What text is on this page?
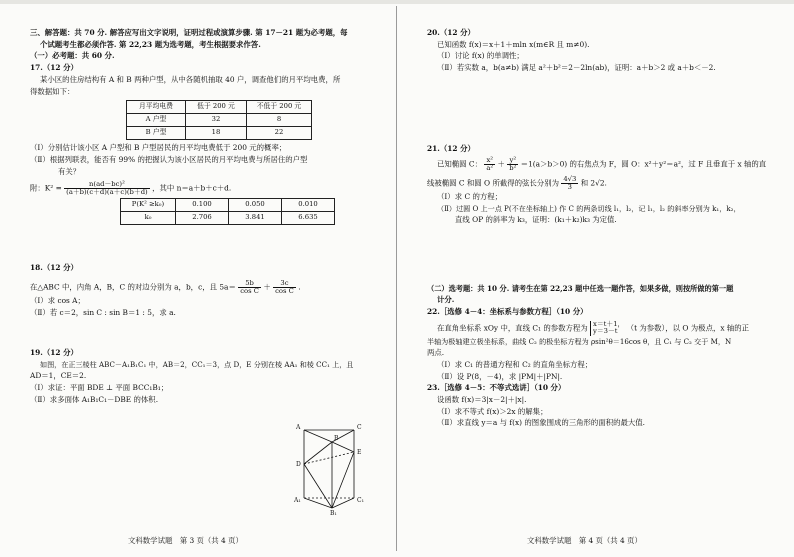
三、解答题：共 70 分. 解答应写出文字说明，证明过程或演算步骤. 第 17－21 题为必考题，每

个试题考生都必须作答. 第 22,23 题为选考题，考生根据要求作答.

（一）必考题：共 60 分.

17.（12 分）

某小区的住房结构有 A 和 B 两种户型，从中各随机抽取 40 户，调查他们的月平均电费，所

得数据如下：

月平均电费	低于 200 元	不低于 200 元
A 户型	32	8
B 户型	18	22

（Ⅰ）分别估计该小区 A 户型和 B 户型居民的月平均电费低于 200 元的概率；

（Ⅱ）根据列联表，能否有 99% 的把握认为该小区居民的月平均电费与所居住的户型

有关？

附：$K^2 = \frac{\text{n(ad－bc)²}}{(a+b)(c+d)(a+c)(b+d)}$ ，其中 n＝a＋b＋c＋d.

P(K² ≥k₀)	0.100	0.050	0.010
k₀	2.706	3.841	6.635

18.（12 分）

在△ABC 中，内角 A，B，C 的对边分别为 a，b，c，且 $5a= \frac{5b}{\text{cos C}} + \frac{3c}{\text{cos C}}$ .

（Ⅰ）求 cos A；

（Ⅱ）若 c＝2，sin C : sin B＝1 : 5，求 a.

19.（12 分）

如图，在正三棱柱 ABC－A₁B₁C₁ 中，AB＝2，CC₁＝3，点 D，E 分别在棱 AA₁ 和棱 CC₁ 上，且

AD＝1，CE＝2.

（Ⅰ）求证：平面 BDE ⊥ 平面 BCC₁B₁；

（Ⅱ）求多面体 A₁B₁C₁－DBE 的体积.

A	C
B
D
E
A₁	C₁
B₁
文科数学试题　第 3 页（共 4 页）

20.（12 分）

已知函数 f(x)＝x＋1＋mln x(m∈R 且 m≠0).

（Ⅰ）讨论 f(x) 的单调性；

（Ⅱ）若实数 a，b(a≠b) 满足 a²＋b²＝2－2ln(ab)，证明：a＋b＞2 或 a＋b＜－2.

21.（12 分）

已知椭圆 C： $\frac{\text{x²}}{\text{a²}} + \frac{\text{y²}}{\text{b²}} =1(a>b>0)$ 的右焦点为 F，圆 O：x²＋y²＝a²，过 F 且垂直于 x 轴的直

线被椭圆 C 和圆 O 所截得的弦长分别为 $\frac{4√3}{3}$ 和 2√2.

（Ⅰ）求 C 的方程；

（Ⅱ）过圆 O 上一点 P(不在坐标轴上) 作 C 的两条切线 l₁，l₂，记 l₁，l₂ 的斜率分别为 k₁，k₂，

直线 OP 的斜率为 k₃，证明：(k₁＋k₂)k₃ 为定值.

（二）选考题：共 10 分. 请考生在第 22,23 题中任选一题作答，如果多做，则按所做的第一题

计分.

22.［选修 4－4：坐标系与参数方程］（10 分）

在直角坐标系 xOy 中，直线 C₁ 的参数方程为 x＝t＋1，
y＝3－t	（t 为参数），以 O 为极点，x 轴的正

半轴为极轴建立极坐标系，曲线 C₂ 的极坐标方程为 ρsin²θ＝16cos θ，且 C₁ 与 C₂ 交于 M，N

两点.

（Ⅰ）求 C₁ 的普通方程和 C₂ 的直角坐标方程；

（Ⅱ）设 P(8，－4)，求 |PM|＋|PN|.

23.［选修 4－5：不等式选讲］（10 分）

设函数 f(x)＝3|x－2|＋|x|.

（Ⅰ）求不等式 f(x)＞2x 的解集；

（Ⅱ）求直线 y＝a 与 f(x) 的图象围成的三角形的面积的最大值.

文科数学试题　第 4 页（共 4 页）
